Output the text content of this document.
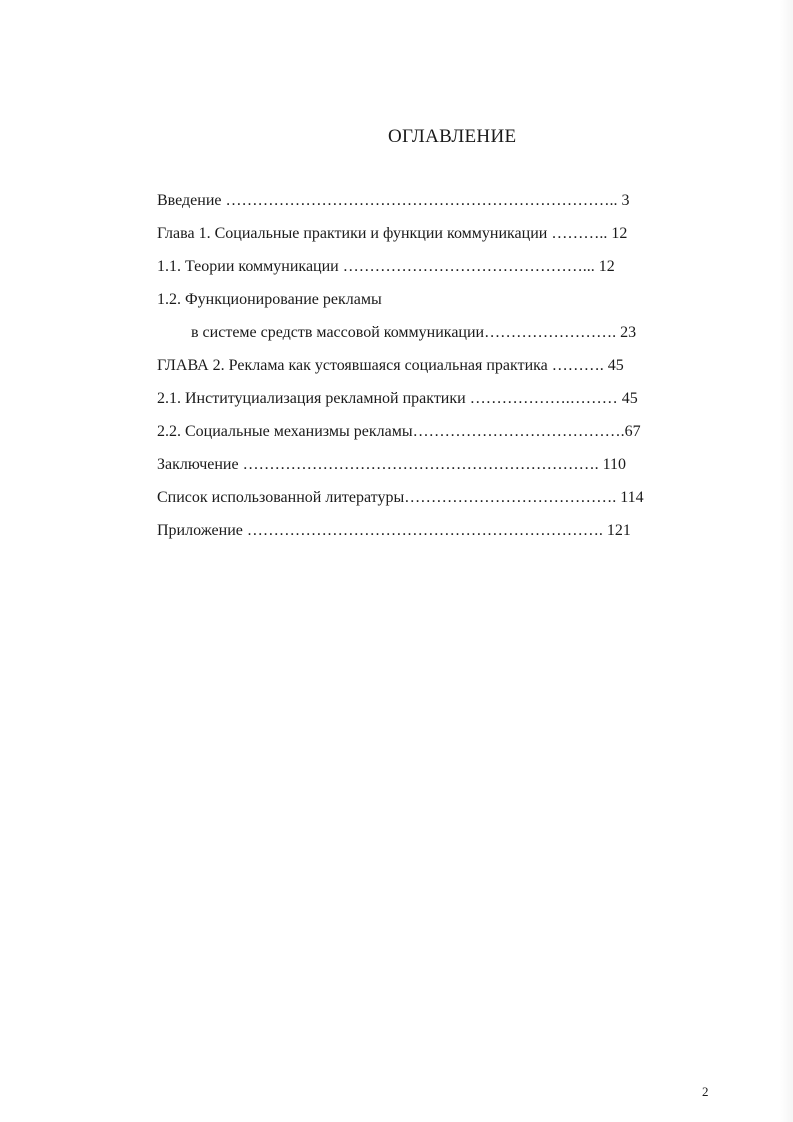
ОГЛАВЛЕНИЕ
Введение ……………………………………………………………….. 3
Глава 1. Социальные практики и функции коммуникации ……….. 12
1.1. Теории коммуникации ………………………………………... 12
1.2. Функционирование рекламы
в системе средств массовой коммуникации……………………. 23
ГЛАВА 2. Реклама как устоявшаяся социальная практика ………. 45
2.1. Институциализация рекламной практики ……………….……… 45
2.2. Социальные механизмы рекламы………………………………….67
Заключение …………………………………………………………. 110
Список использованной литературы…………………………………. 114
Приложение …………………………………………………………. 121
2
